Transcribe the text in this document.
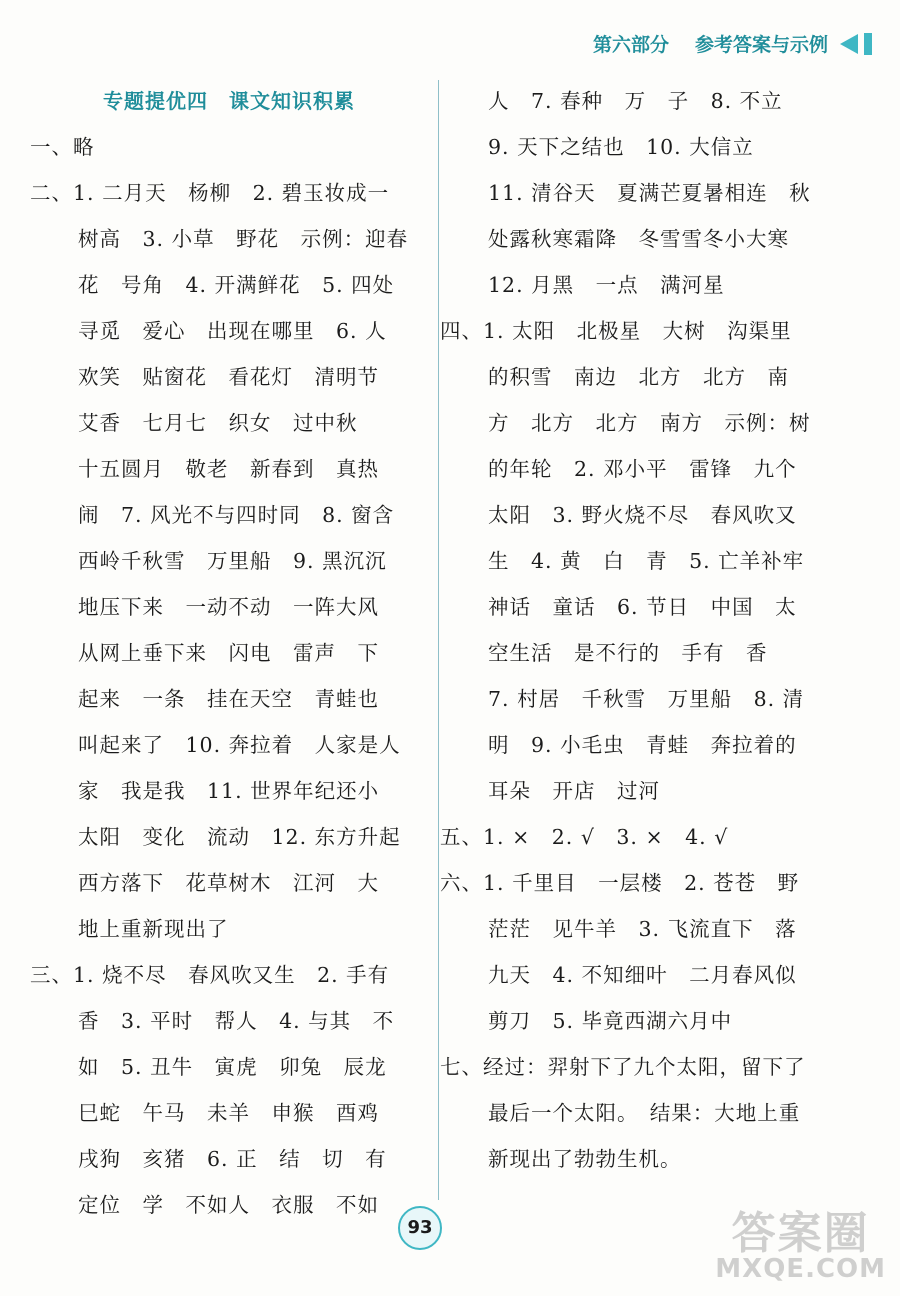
第六部分 参考答案与示例
专题提优四　课文知识积累
一、略
二、1. 二月天　杨柳　2. 碧玉妆成一
树高　3. 小草　野花　示例：迎春
花　号角　4. 开满鲜花　5. 四处
寻觅　爱心　出现在哪里　6. 人
欢笑　贴窗花　看花灯　清明节
艾香　七月七　织女　过中秋
十五圆月　敬老　新春到　真热
闹　7. 风光不与四时同　8. 窗含
西岭千秋雪　万里船　9. 黑沉沉
地压下来　一动不动　一阵大风
从网上垂下来　闪电　雷声　下
起来　一条　挂在天空　青蛙也
叫起来了　10. 奔拉着　人家是人
家　我是我　11. 世界年纪还小
太阳　变化　流动　12. 东方升起
西方落下　花草树木　江河　大
地上重新现出了
三、1. 烧不尽　春风吹又生　2. 手有
香　3. 平时　帮人　4. 与其　不
如　5. 丑牛　寅虎　卯兔　辰龙
巳蛇　午马　未羊　申猴　酉鸡
戌狗　亥猪　6. 正　结　切　有
定位　学　不如人　衣服　不如
人　7. 春种　万　子　8. 不立
9. 天下之结也　10. 大信立
11. 清谷天　夏满芒夏暑相连　秋
处露秋寒霜降　冬雪雪冬小大寒
12. 月黑　一点　满河星
四、1. 太阳　北极星　大树　沟渠里
的积雪　南边　北方　北方　南
方　北方　北方　南方　示例：树
的年轮　2. 邓小平　雷锋　九个
太阳　3. 野火烧不尽　春风吹又
生　4. 黄　白　青　5. 亡羊补牢
神话　童话　6. 节日　中国　太
空生活　是不行的　手有　香
7. 村居　千秋雪　万里船　8. 清
明　9. 小毛虫　青蛙　奔拉着的
耳朵　开店　过河
五、1. ×　2. √　3. ×　4. √
六、1. 千里目　一层楼　2. 苍苍　野
茫茫　见牛羊　3. 飞流直下　落
九天　4. 不知细叶　二月春风似
剪刀　5. 毕竟西湖六月中
七、经过：羿射下了九个太阳，留下了
最后一个太阳。　结果：大地上重
新现出了勃勃生机。
93	答案圈
MXQE.COM
